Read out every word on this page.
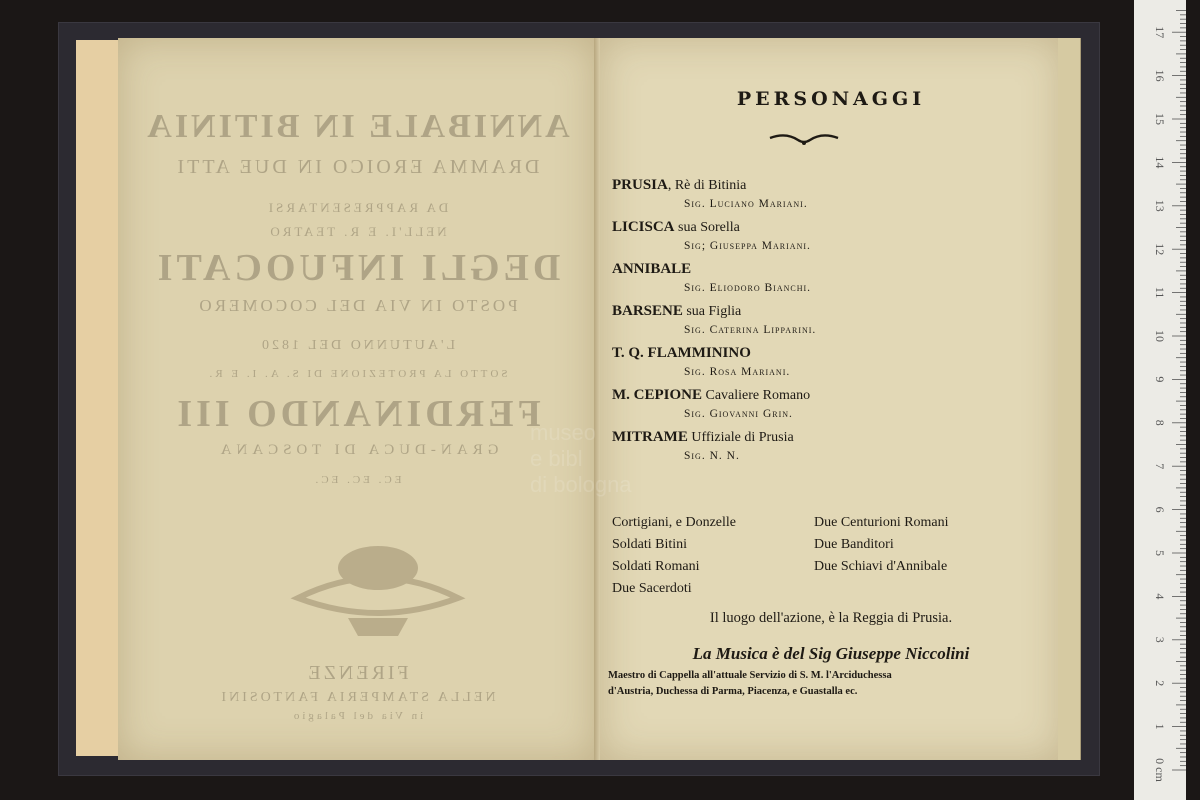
ANNIBALE IN BITINIA
DRAMMA EROICO IN DUE ATTI
DA RAPPRESENTARSI
NELL'I. E R. TEATRO
DEGLI INFUOCATI
POSTO IN VIA DEL COCOMERO
L'AUTUNNO DEL 1820
SOTTO LA PROTEZIONE DI S. A. I. E R.
FERDINANDO III
GRAN-DUCA DI TOSCANA
EC. EC. EC.
FIRENZE
NELLA STAMPERIA FANTOSINI
in Via del Palagio
museo
e bibl
di bologna
PERSONAGGI
PRUSIA, Rè di Bitinia
Sig. Luciano Mariani.
LICISCA sua Sorella
Sig; Giuseppa Mariani.
ANNIBALE
Sig. Eliodoro Bianchi.
BARSENE sua Figlia
Sig. Caterina Lipparini.
T. Q. FLAMMININO
Sig. Rosa Mariani.
M. CEPIONE Cavaliere Romano
Sig. Giovanni Grin.
MITRAME Uffiziale di Prusia
Sig. N. N.
Cortigiani, e Donzelle
Soldati Bitini
Soldati Romani
Due Sacerdoti
Due Centurioni Romani
Due Banditori
Due Schiavi d'Annibale
Il luogo dell'azione, è la Reggia di Prusia.
La Musica è del Sig Giuseppe Niccolini
Maestro di Cappella all'attuale Servizio di S. M. l'Arciduchessa
d'Austria, Duchessa di Parma, Piacenza, e Guastalla ec.
0 cm
1
2
3
4
5
6
7
8
9
10
11
12
13
14
15
16
17
